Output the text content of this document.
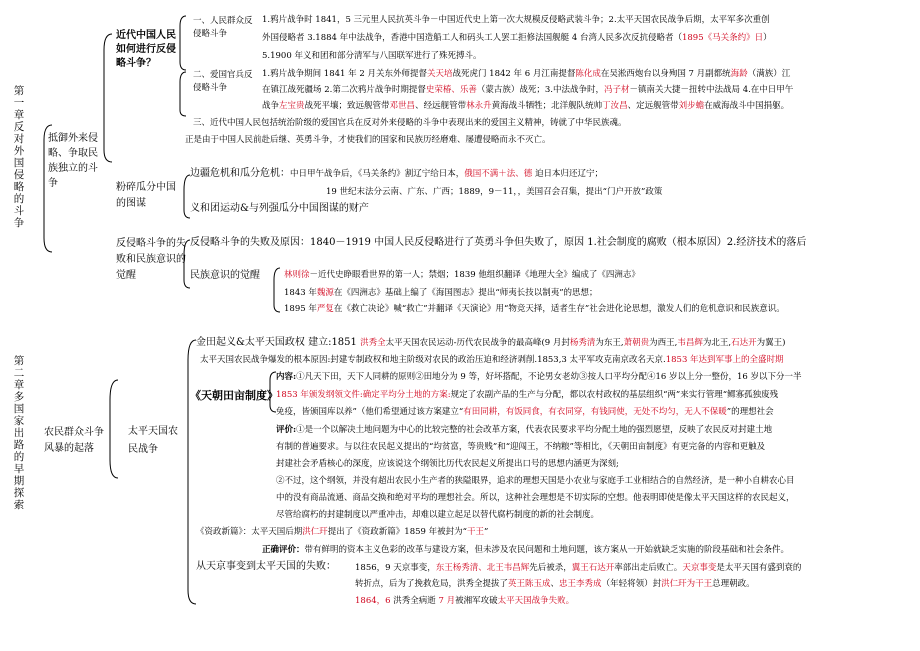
第一章 反对外国侵略的斗争
抵御外来侵略、争取民族独立的斗争
近代中国人民如何进行反侵略斗争？
一、人民群众反侵略斗争
1.鸦片战争时 1841，5 三元里人民抗英斗争－中国近代史上第一次大规模反侵略武装斗争；2.太平天国农民战争后期，太平军多次重创
外国侵略者 3.1884 年中法战争，香港中国造船工人和码头工人罢工拒修法国舰艇 4 台湾人民多次反抗侵略者（1895《马关条约》日）
5.1900 年义和团和部分清军与八国联军进行了殊死搏斗。
二、爱国官兵反侵略斗争
1.鸦片战争期间 1841 年 2 月关东外师提督关天培战死虎门 1842 年 6 月江南提督陈化成在吴淞西炮台以身殉国 7 月副都统海龄（满族）江
在镇江战死疆场 2.第二次鸦片战争时期提督史荣椿、乐善（蒙古族）战死；3.中法战争时，冯子材－镇南关大捷－扭转中法战局 4.在中日甲午
战争左宝贵战死平壤；致远舰管带邓世昌、经远舰管带林永升黄海战斗牺牲；北洋舰队统帅丁汝昌、定远舰管带刘步蟾在威海战斗中国捐躯。
三、近代中国人民包括统治阶级的爱国官兵在反对外来侵略的斗争中表现出来的爱国主义精神，铸就了中华民族魂。
正是由于中国人民前赴后继、英勇斗争，才使我们的国家和民族历经磨难、屡遭侵略而永不灭亡。
粉碎瓜分中国的图谋
边疆危机和瓜分危机：中日甲午战争后，《马关条约》割辽宁给日本，俄国不满＋法、德 迫日本归还辽宁；
19 世纪末法分云南、广东、广西；1889，9－11，，美国召会召集，提出“门户开放”政策
义和团运动&与列强瓜分中国图谋的财产
反侵略斗争的失败和民族意识的觉醒
反侵略斗争的失败及原因：1840－1919 中国人民反侵略进行了英勇斗争但失败了，原因 1.社会制度的腐败（根本原因）2.经济技术的落后
民族意识的觉醒	林则徐－近代史睁眼看世界的第一人；禁烟；1839 他组织翻译《地理大全》编成了《四洲志》
1843 年魏源在《四洲志》基础上编了《海国图志》提出“师夷长技以制夷”的思想；
1895 年严复在《救亡决论》喊“救亡”并翻译《天演论》用“物竞天择，适者生存”社会进化论思想，激发人们的危机意识和民族意识。
第二章 多国家出路的早期探索
农民群众斗争风暴的起落
太平天国农民战争
金田起义&太平天国政权 建立:1851 洪秀全太平天国农民运动-历代农民战争的最高峰(9 月封杨秀清为东王,萧朝贵为西王,韦昌辉为北王,石达开为翼王)
太平天国农民战争爆发的根本原因:封建专制政权和地主阶级对农民的政治压迫和经济剥削.1853,3 太平军攻克南京改名天京.1853 年达到军事上的全盛时期
《天朝田亩制度》
内容:①凡天下田，天下人同耕的原则②田地分为 9 等，好坏搭配，不论男女老幼③按人口平均分配④16 岁以上分一整份，16 岁以下分一半
1853 年颁发纲领文件:确定平均分土地的方案:规定了农副产品的生产与分配，都以农村政权的基层组织“两”来实行管理“鳏寡孤独废残
免疫，皆颁国库以养”（他们希望通过该方案建立“有田同耕，有饭同食，有衣同穿，有钱同使，无处不均匀，无人不保暖”的理想社会
评价:①是一个以解决土地问题为中心的比较完整的社会改革方案，代表农民要求平均分配土地的强烈愿望，反映了农民反对封建土地
有制的普遍要求。与以往农民起义提出的“均贫富，等贵贱”和“迎闯王，不纳粮”等相比，《天朝田亩制度》有更完备的内容和更触及
封建社会矛盾核心的深度，应该说这个纲领比历代农民起义所提出口号的思想内涵更为深刻;
②不过，这个纲领，并没有超出农民小生产者的狭隘眼界，追求的理想天国是小农业与家庭手工业相结合的自然经济，是一种小自耕农心目
中的没有商品流通、商品交换和绝对平均的理想社会。所以，这种社会理想是不切实际的空想。他表明即使是像太平天国这样的农民起义，
尽管给腐朽的封建制度以严重冲击，却难以建立起足以替代腐朽制度的新的社会制度。
《资政新篇》：太平天国后期洪仁玕提出了《资政新篇》1859 年被封为“干王”
正确评价：带有鲜明的资本主义色彩的改革与建设方案，但未涉及农民问题和土地问题，该方案从一开始就缺乏实施的阶段基础和社会条件。
从天京事变到太平天国的失败： 1856，9 天京事变，东王杨秀清、北王韦昌辉先后被杀，翼王石达开率部出走后败亡。天京事变是太平天国有盛到衰的
转折点，后为了挽救危局，洪秀全提拔了英王陈玉成、忠王李秀成（年轻将领）封洪仁玕为干王总理朝政。
1864，6 洪秀全病逝 7 月被湘军攻破太平天国战争失败。
